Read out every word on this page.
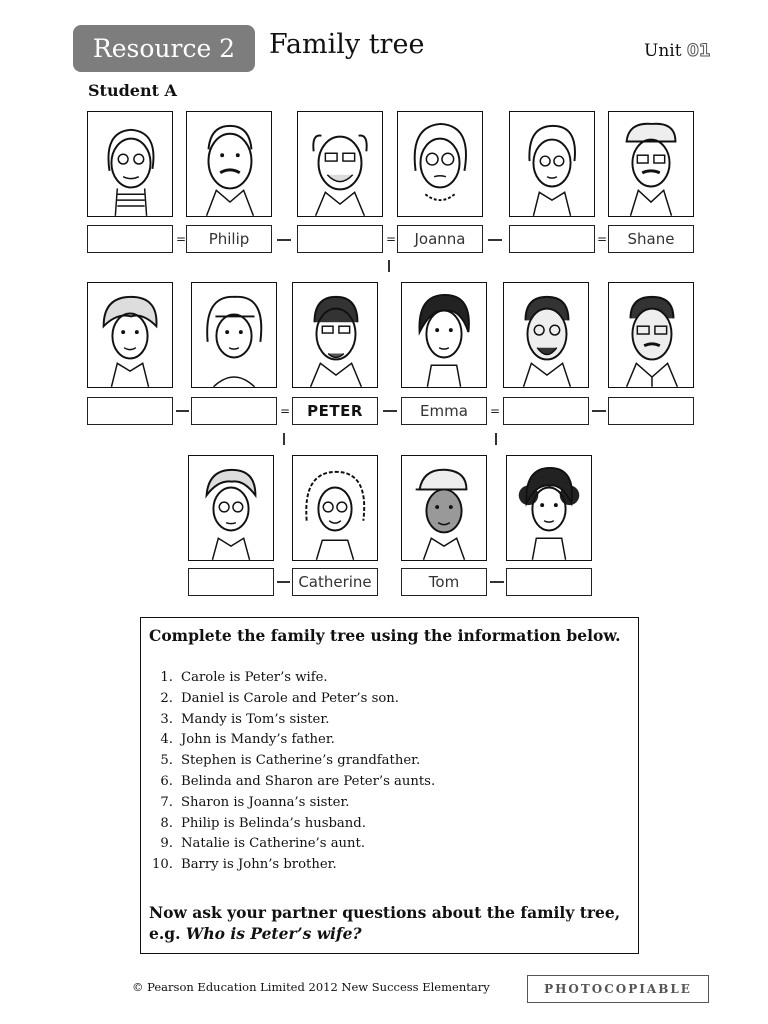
Resource 2	Family tree	Unit 01
Student A
=	Philip	=	Joanna	=	Shane
=	PETER	Emma	=
Catherine	Tom
Complete the family tree using the information below.
1. Carole is Peter’s wife.
2. Daniel is Carole and Peter’s son.
3. Mandy is Tom’s sister.
4. John is Mandy’s father.
5. Stephen is Catherine’s grandfather.
6. Belinda and Sharon are Peter’s aunts.
7. Sharon is Joanna’s sister.
8. Philip is Belinda’s husband.
9. Natalie is Catherine’s aunt.
10. Barry is John’s brother.
Now ask your partner questions about the family tree,
e.g. Who is Peter’s wife?
© Pearson Education Limited 2012 New Success Elementary	PHOTOCOPIABLE
